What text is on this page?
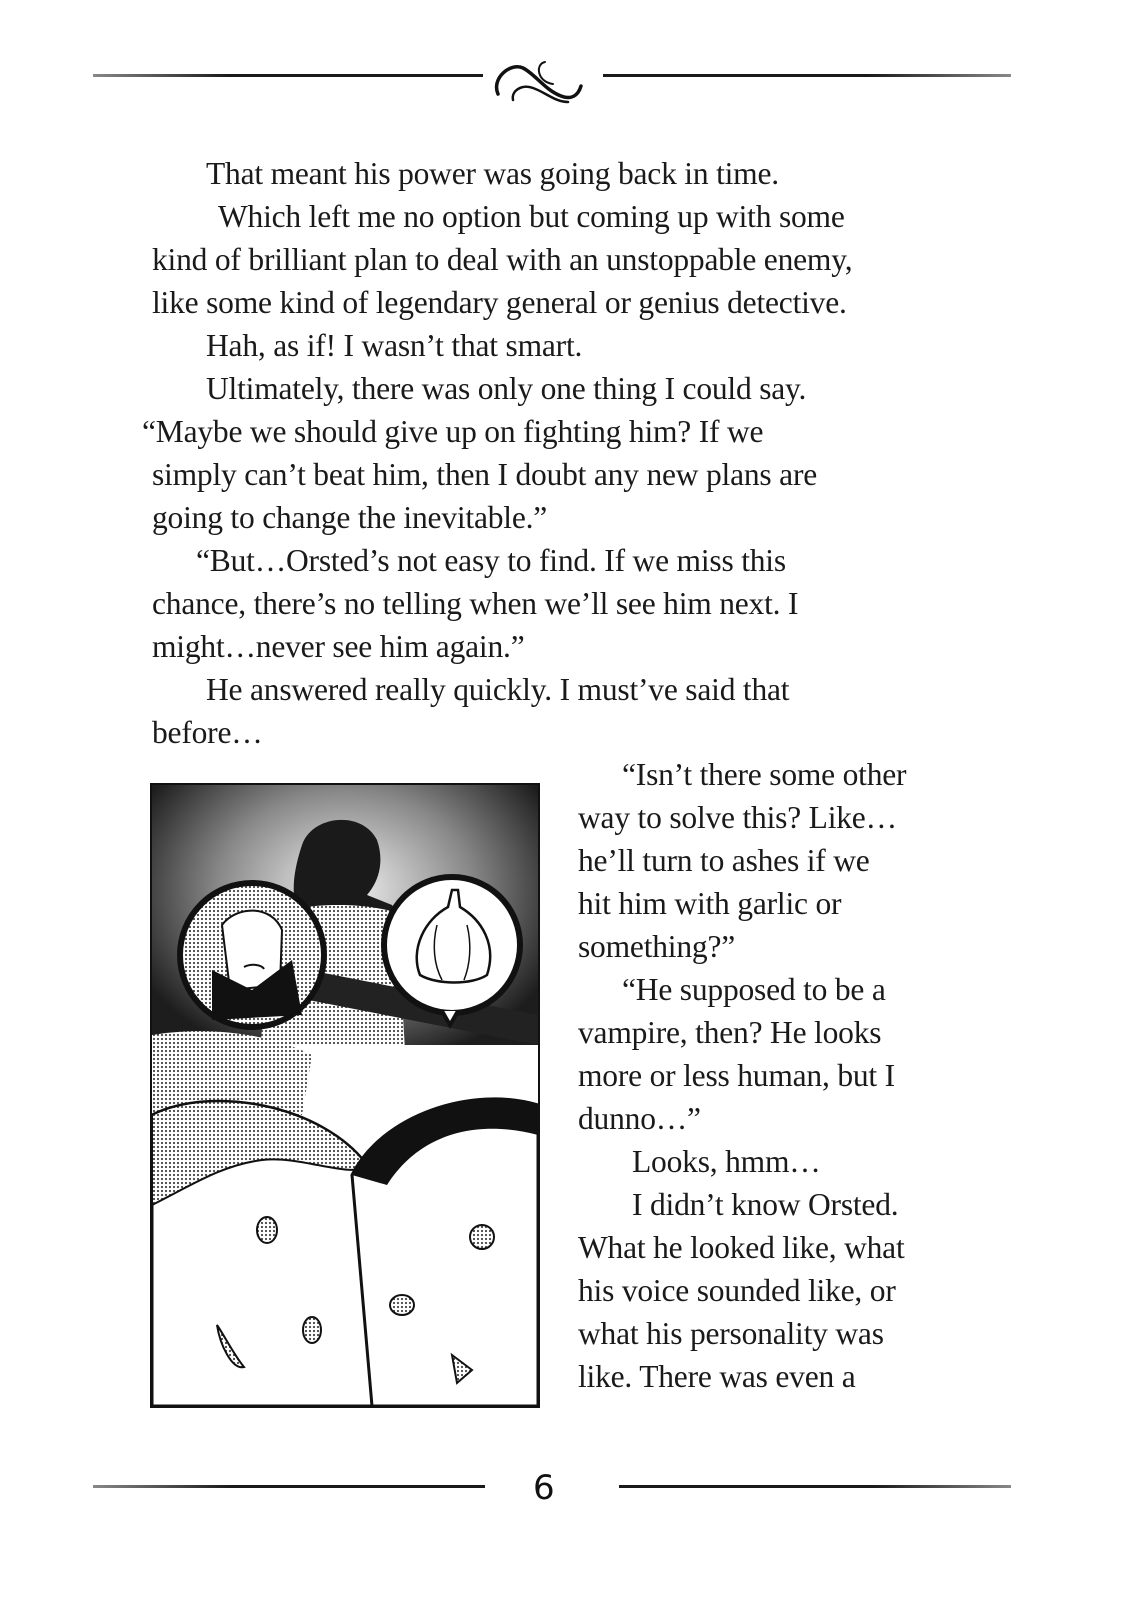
That meant his power was going back in time.
Which left me no option but coming up with some
kind of brilliant plan to deal with an unstoppable enemy,
like some kind of legendary general or genius detective.
Hah, as if! I wasn’t that smart.
Ultimately, there was only one thing I could say.
“Maybe we should give up on fighting him? If we
simply can’t beat him, then I doubt any new plans are
going to change the inevitable.”
“But…Orsted’s not easy to find. If we miss this
chance, there’s no telling when we’ll see him next. I
might…never see him again.”
He answered really quickly. I must’ve said that
before…
“Isn’t there some other
way to solve this? Like…
he’ll turn to ashes if we
hit him with garlic or
something?”
“He supposed to be a
vampire, then? He looks
more or less human, but I
dunno…”
Looks, hmm…
I didn’t know Orsted.
What he looked like, what
his voice sounded like, or
what his personality was
like. There was even a
6
